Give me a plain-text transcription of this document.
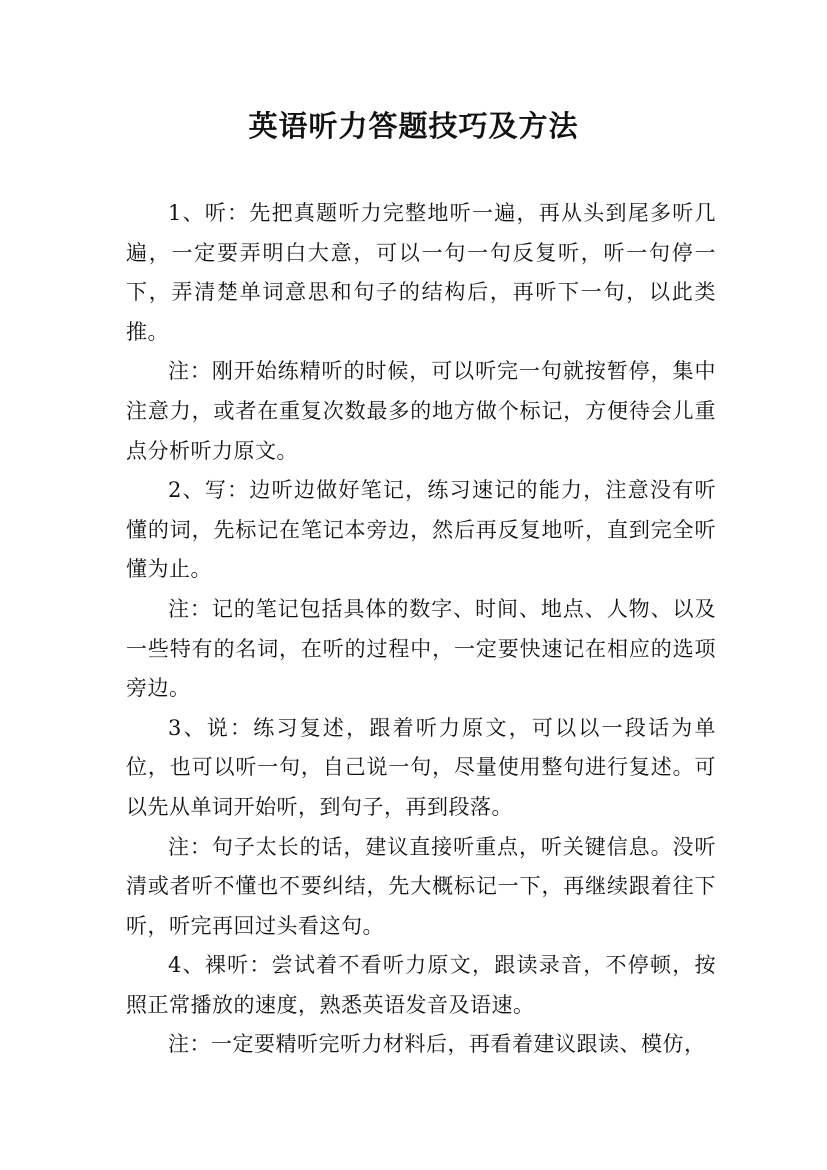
英语听力答题技巧及方法

1、听：先把真题听力完整地听一遍，再从头到尾多听几遍，一定要弄明白大意，可以一句一句反复听，听一句停一下，弄清楚单词意思和句子的结构后，再听下一句，以此类推。

注：刚开始练精听的时候，可以听完一句就按暂停，集中注意力，或者在重复次数最多的地方做个标记，方便待会儿重点分析听力原文。

2、写：边听边做好笔记，练习速记的能力，注意没有听懂的词，先标记在笔记本旁边，然后再反复地听，直到完全听懂为止。

注：记的笔记包括具体的数字、时间、地点、人物、以及一些特有的名词，在听的过程中，一定要快速记在相应的选项旁边。

3、说：练习复述，跟着听力原文，可以以一段话为单位，也可以听一句，自己说一句，尽量使用整句进行复述。可以先从单词开始听，到句子，再到段落。

注：句子太长的话，建议直接听重点，听关键信息。没听清或者听不懂也不要纠结，先大概标记一下，再继续跟着往下听，听完再回过头看这句。

4、裸听：尝试着不看听力原文，跟读录音，不停顿，按照正常播放的速度，熟悉英语发音及语速。

注：一定要精听完听力材料后，再看着建议跟读、模仿，
